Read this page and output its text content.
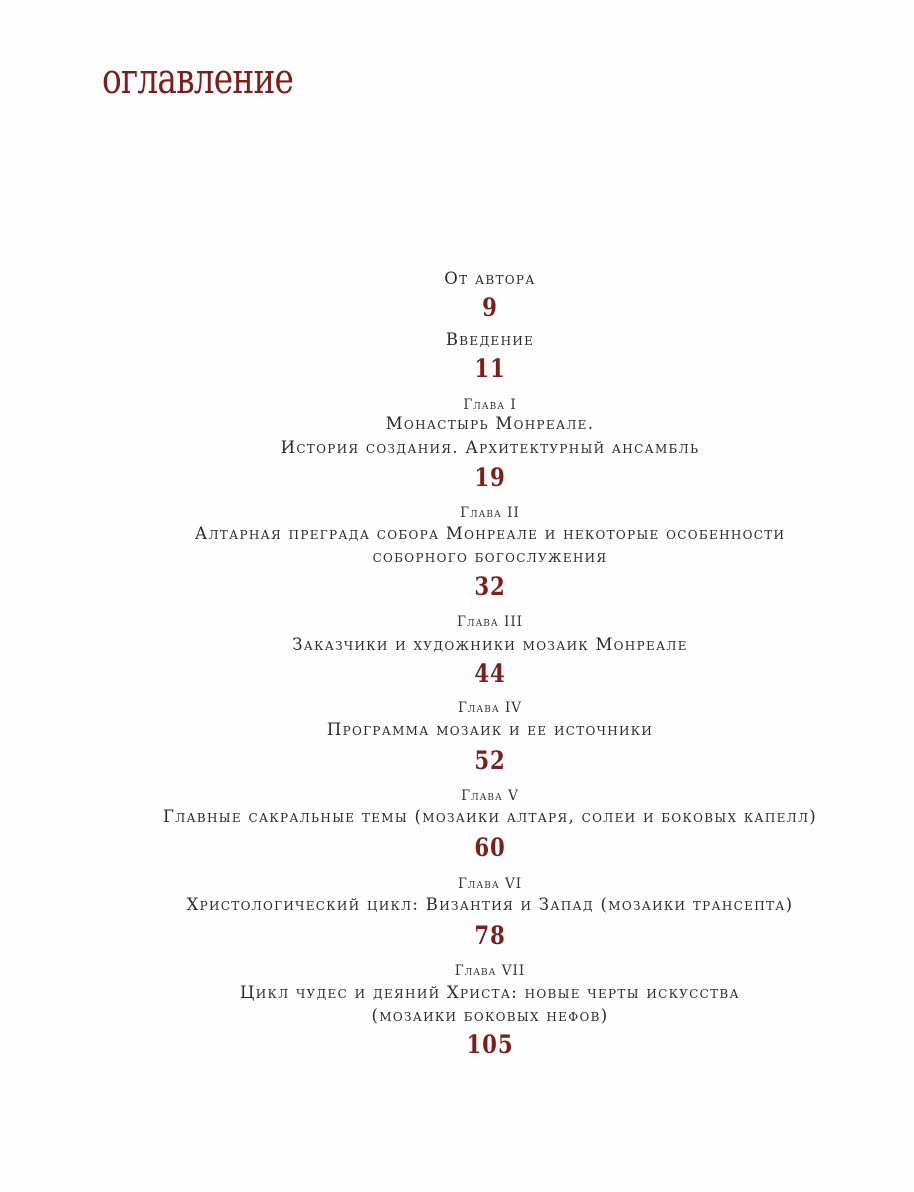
оглавление
От автора
9
Введение
11
Глава I
Монастырь Монреале.
История создания. Архитектурный ансамбль
19
Глава II
Алтарная преграда собора Монреале и некоторые особенности
соборного богослужения
32
Глава III
Заказчики и художники мозаик Монреале
44
Глава IV
Программа мозаик и ее источники
52
Глава V
Главные сакральные темы (мозаики алтаря, солеи и боковых капелл)
60
Глава VI
Христологический цикл: Византия и Запад (мозаики трансепта)
78
Глава VII
Цикл чудес и деяний Христа: новые черты искусства
(мозаики боковых нефов)
105
